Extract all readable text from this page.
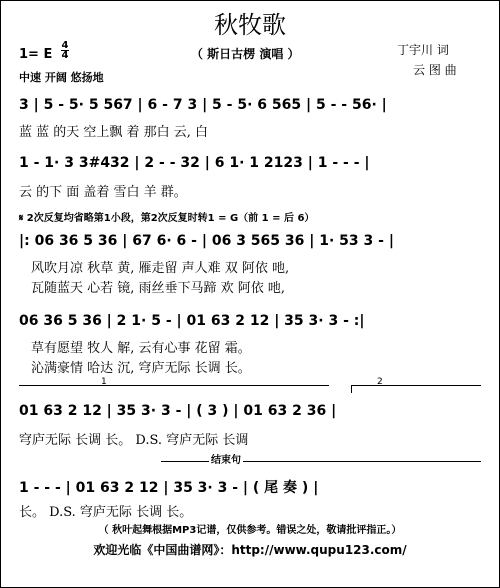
秋牧歌
（ 斯日古楞 演唱 ）
1= E
4
4
中速 开阔 悠扬地
丁宇川 词
云 图 曲
3 | 5 - 5· 5 567 | 6 - 7 3 | 5 - 5· 6 565 | 5 - - 56· |
蓝 蓝 的天 空上飘 着 那白 云, 白
1 - 1· 3 3#432 | 2 - - 32 | 6 1· 1 2123 | 1 - - - |
云 的下 面 盖着 雪白 羊 群。
𝄋 2次反复均省略第1小段，第2次反复时转1 = G（前 1 = 后 6）
|: 06 36 5 36 | 67 6· 6 - | 06 3 565 36 | 1· 53 3 - |
风吹月凉 秋草 黄, 雁走留 声人难 双 阿依 吔,
瓦随蓝天 心若 镜, 雨丝垂下马蹄 欢 阿依 吔,
06 36 5 36 | 2 1· 5 - | 01 63 2 12 | 35 3· 3 - :|
草有愿望 牧人 解, 云有心事 花留 霜。
沁满豪情 哈达 沉, 穹庐无际 长调 长。
1	2
01 63 2 12 | 35 3· 3 - | ( 3 ) | 01 63 2 36 |
穹庐无际 长调 长。 D.S. 穹庐无际 长调
结束句
1 - - - | 01 63 2 12 | 35 3· 3 - | ( 尾 奏 ) |
长。 D.S. 穹庐无际 长调 长。
（ 秋叶起舞根据MP3记谱，仅供参考。错误之处，敬请批评指正。）
欢迎光临《中国曲谱网》：http://www.qupu123.com/
